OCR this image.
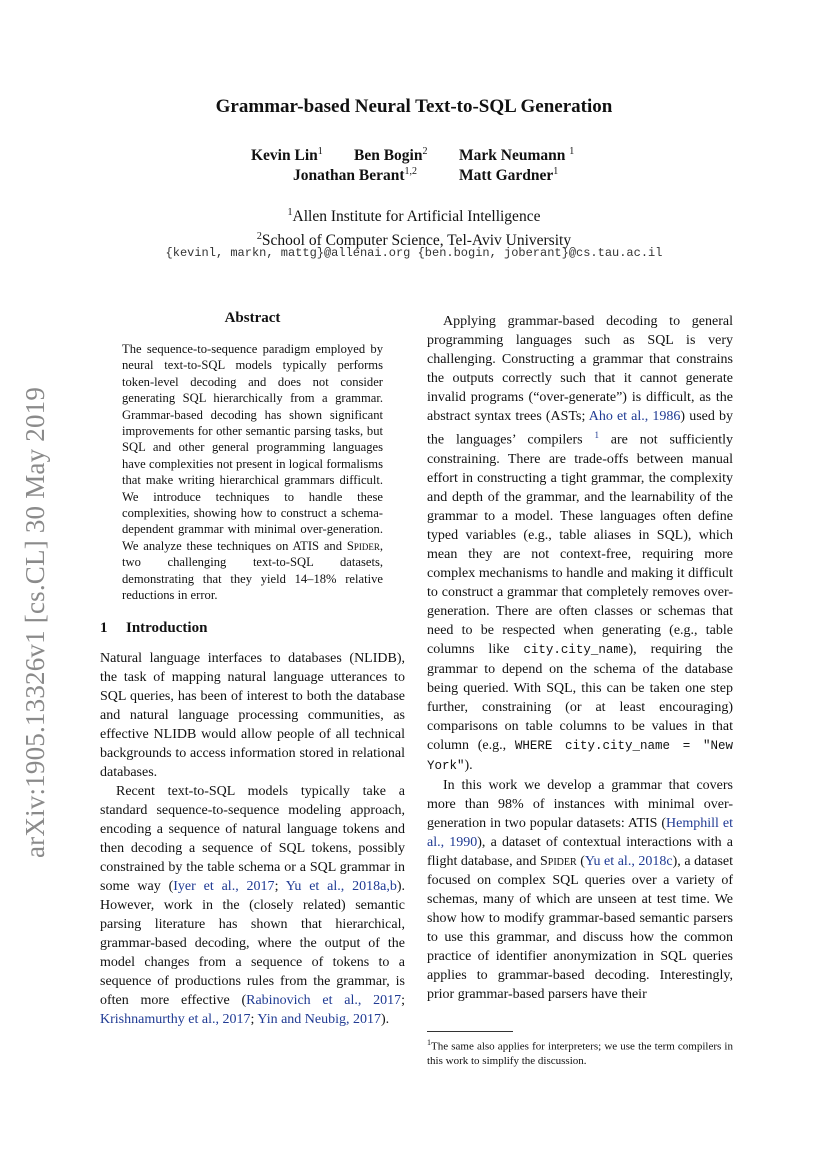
arXiv:1905.13326v1 [cs.CL] 30 May 2019
Grammar-based Neural Text-to-SQL Generation
Kevin Lin$^1$ Ben Bogin$^2$ Mark Neumann $^1$
Jonathan Berant$^{1,2}$	Matt Gardner$^1$
$^1$Allen Institute for Artificial Intelligence
$^2$School of Computer Science, Tel-Aviv University
{kevinl, markn, mattg}@allenai.org {ben.bogin, joberant}@cs.tau.ac.il
Abstract
The sequence-to-sequence paradigm employed by neural text-to-SQL models typically performs token-level decoding and does not consider generating SQL hierarchically from a grammar. Grammar-based decoding has shown significant improvements for other semantic parsing tasks, but SQL and other general programming languages have complexities not present in logical formalisms that make writing hierarchical grammars difficult. We introduce techniques to handle these complexities, showing how to construct a schema-dependent grammar with minimal over-generation. We analyze these techniques on ATIS and Spider, two challenging text-to-SQL datasets, demonstrating that they yield 14–18% relative reductions in error.
1 Introduction

Natural language interfaces to databases (NLIDB), the task of mapping natural language utterances to SQL queries, has been of interest to both the database and natural language processing communities, as effective NLIDB would allow people of all technical backgrounds to access information stored in relational databases.

Recent text-to-SQL models typically take a standard sequence-to-sequence modeling approach, encoding a sequence of natural language tokens and then decoding a sequence of SQL tokens, possibly constrained by the table schema or a SQL grammar in some way (Iyer et al., 2017; Yu et al., 2018a,b). However, work in the (closely related) semantic parsing literature has shown that hierarchical, grammar-based decoding, where the output of the model changes from a sequence of tokens to a sequence of productions rules from the grammar, is often more effective (Rabinovich et al., 2017; Krishnamurthy et al., 2017; Yin and Neubig, 2017).

Applying grammar-based decoding to general programming languages such as SQL is very challenging. Constructing a grammar that constrains the outputs correctly such that it cannot generate invalid programs (“over-generate”) is difficult, as the abstract syntax trees (ASTs; Aho et al., 1986) used by the languages’ compilers $^1$ are not sufficiently constraining. There are trade-offs between manual effort in constructing a tight grammar, the complexity and depth of the grammar, and the learnability of the grammar to a model. These languages often define typed variables (e.g., table aliases in SQL), which mean they are not context-free, requiring more complex mechanisms to handle and making it difficult to construct a grammar that completely removes over-generation. There are often classes or schemas that need to be respected when generating (e.g., table columns like city.city_name), requiring the grammar to depend on the schema of the database being queried. With SQL, this can be taken one step further, constraining (or at least encouraging) comparisons on table columns to be values in that column (e.g., WHERE city.city_name = "New York").

In this work we develop a grammar that covers more than 98% of instances with minimal over-generation in two popular datasets: ATIS (Hemphill et al., 1990), a dataset of contextual interactions with a flight database, and Spider (Yu et al., 2018c), a dataset focused on complex SQL queries over a variety of schemas, many of which are unseen at test time. We show how to modify grammar-based semantic parsers to use this grammar, and discuss how the common practice of identifier anonymization in SQL queries applies to grammar-based decoding. Interestingly, prior grammar-based parsers have their

$^1$The same also applies for interpreters; we use the term compilers in this work to simplify the discussion.
